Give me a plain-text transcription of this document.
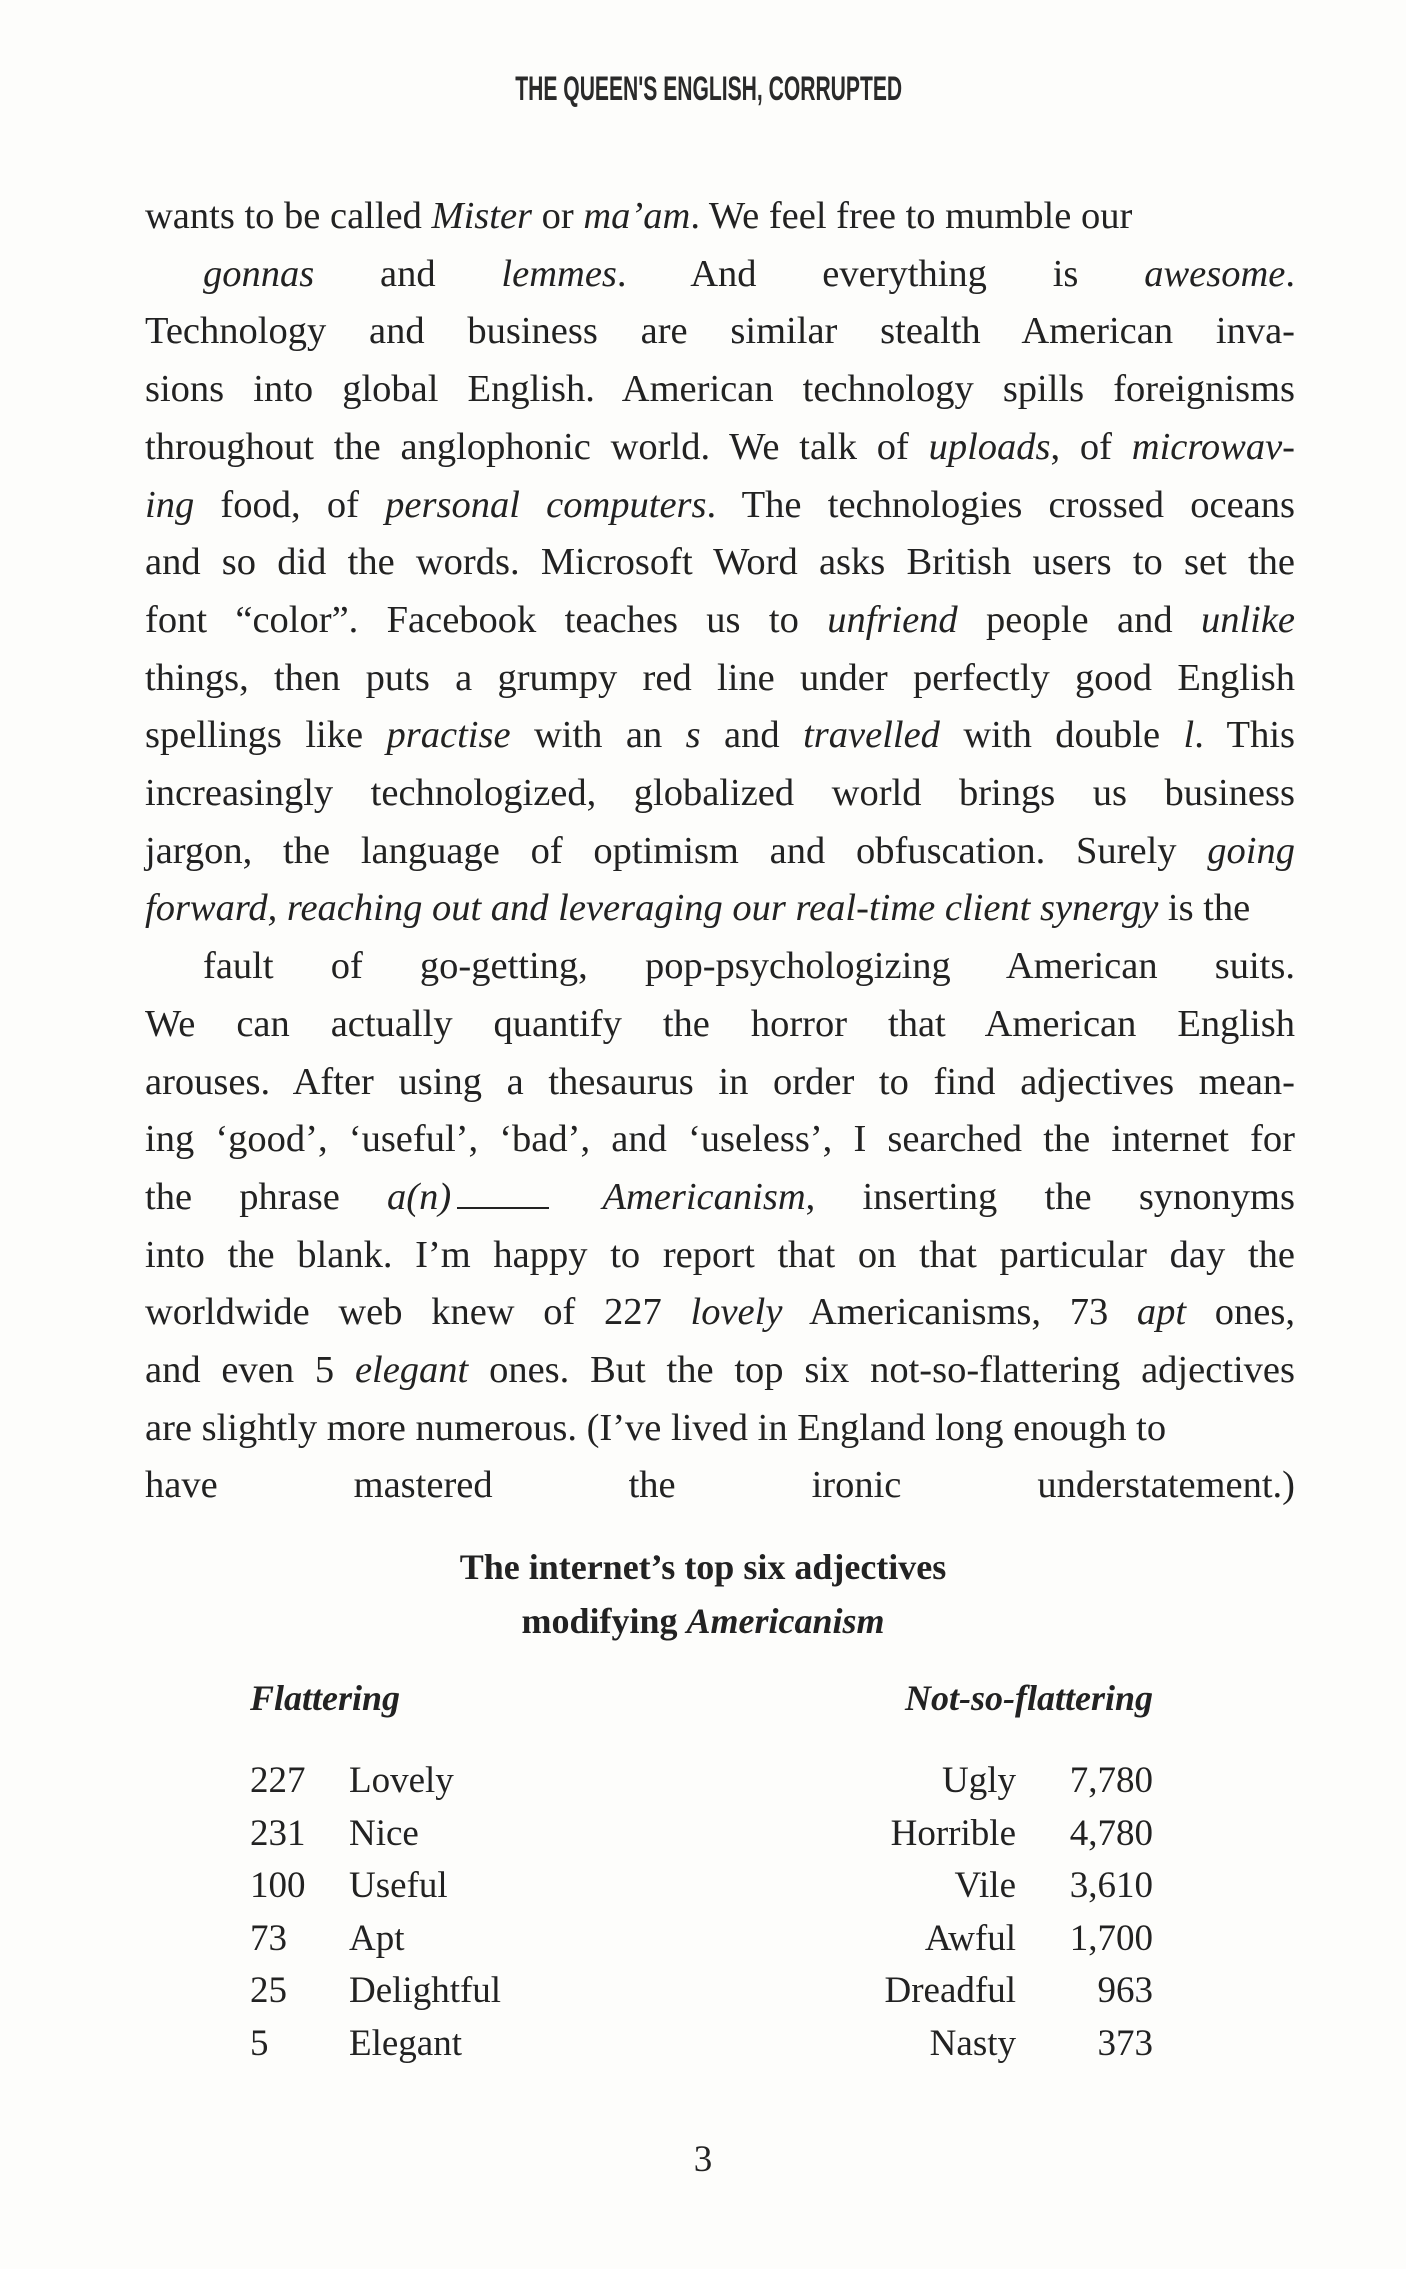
THE QUEEN'S ENGLISH, CORRUPTED
wants to be called Mister or ma’am. We feel free to mumble our
gonnas and lemmes. And everything is awesome.
Technology and business are similar stealth American inva-
sions into global English. American technology spills foreignisms
throughout the anglophonic world. We talk of uploads, of microwav-
ing food, of personal computers. The technologies crossed oceans
and so did the words. Microsoft Word asks British users to set the
font “color”. Facebook teaches us to unfriend people and unlike
things, then puts a grumpy red line under perfectly good English
spellings like practise with an s and travelled with double l. This
increasingly technologized, globalized world brings us business
jargon, the language of optimism and obfuscation. Surely going
forward, reaching out and leveraging our real-time client synergy is the
fault of go-getting, pop-psychologizing American suits.
We can actually quantify the horror that American English
arouses. After using a thesaurus in order to find adjectives mean-
ing ‘good’, ‘useful’, ‘bad’, and ‘useless’, I searched the internet for
the phrase a(n)	Americanism, inserting the synonyms
into the blank. I’m happy to report that on that particular day the
worldwide web knew of 227 lovely Americanisms, 73 apt ones,
and even 5 elegant ones. But the top six not-so-flattering adjectives
are slightly more numerous. (I’ve lived in England long enough to
have mastered the ironic understatement.)
The internet’s top six adjectives
modifying Americanism
Flattering	Not-so-flattering
227 Lovely
231 Nice
100 Useful
73 Apt
25 Delightful
5 Elegant
Ugly 7,780
Horrible 4,780
Vile 3,610
Awful 1,700
Dreadful 963
Nasty 373
3
